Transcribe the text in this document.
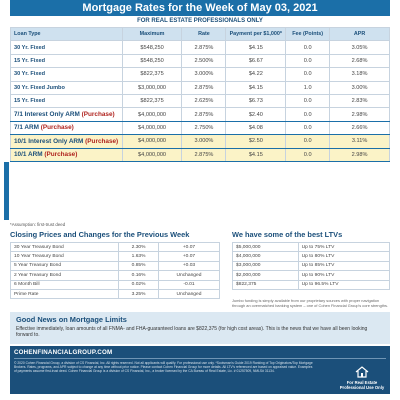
Mortgage Rates for the Week of May 03, 2021
FOR REAL ESTATE PROFESSIONALS ONLY
Loan Type	Maximum	Rate	Payment per $1,000*	Fee (Points)	APR
30 Yr. Fixed	$548,250	2.875%	$4.15	0.0	3.05%
15 Yr. Fixed	$548,250	2.500%	$6.67	0.0	2.68%
30 Yr. Fixed	$822,375	3.000%	$4.22	0.0	3.18%
30 Yr. Fixed Jumbo	$3,000,000	2.875%	$4.15	1.0	3.00%
15 Yr. Fixed	$822,375	2.625%	$6.73	0.0	2.83%
7/1 Interest Only ARM (Purchase)	$4,000,000	2.875%	$2.40	0.0	2.98%
7/1 ARM (Purchase)	$4,000,000	2.750%	$4.08	0.0	2.66%
10/1 Interest Only ARM (Purchase)	$4,000,000	3.000%	$2.50	0.0	3.11%
10/1 ARM (Purchase)	$4,000,000	2.875%	$4.15	0.0	2.98%
*Assumption: first-trust deed
Closing Prices and Changes for the Previous Week
30 Year Treasury Bond	2.30%	+0.07
10 Year Treasury Bond	1.63%	+0.07
5 Year Treasury Bond	0.85%	+0.03
2 Year Treasury Bond	0.16%	Unchanged
6 Month Bill	0.02%	-0.01
Prime Rate	3.25%	Unchanged
We have some of the best LTVs
$5,000,000	Up to 75% LTV
$4,000,000	Up to 80% LTV
$3,000,000	Up to 85% LTV
$2,000,000	Up to 90% LTV
$822,375	Up to 96.5% LTV
Jumbo funding is simply available from our proprietary sources with proper navigation through an overmatched banking system – one of Cohen Financial Group's core strengths.
Good News on Mortgage Limits
Effective immediately, loan amounts of all FNMA- and FHA-guaranteed loans are $822,375 (for high cost areas). This is the news that we have all been looking forward to.
COHENFINANCIALGROUP.COM
© 2020 Cohen Financial Group, a division of CS Financial, Inc. All rights reserved. Not all applicants will qualify. For professional use only. *Scotsman's Guide 2019 Ranking of Top Originators/Top Mortgage Brokers. Rates, programs, and APR subject to change at any time without prior notice. Please contact Cohen Financial Group for more details. All LTV's referenced are based on appraised value. Examples of payments assume first-trust deed. Cohen Financial Group is a division of CS Financial, Inc., a broker licensed by the CA Bureau of Real Estate, Lic. # 01257509, NMLS# 31134.
For Real Estate Professional Use Only
